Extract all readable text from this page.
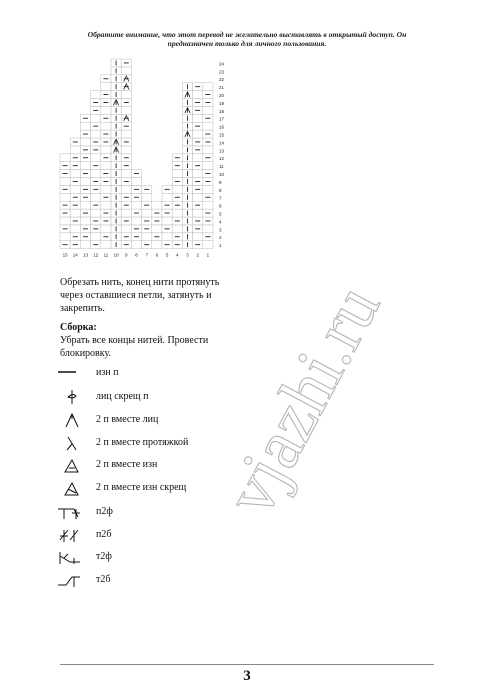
Обратите внимание, что этот перевод не желательно выставлять в открытый доступ. Он
предназначен только для личного пользования.
24
23
22
21
20
19
18
17
16
15
14
13
12
11
10
9
8
7
6
5
4
3
2
1
15 14 13 12 11 10 9 8 7 6 5 4 3 2 1
Обрезать нить, конец нити протянуть через оставшиеся петли, затянуть и закрепить.
Сборка:
Убрать все концы нитей. Провести блокировку.
изн п
лиц скрещ п
2 п вместе лиц
2 п вместе протяжкой
2 п вместе изн
2 п вместе изн скрещ
п2ф
п2б
т2ф
т2б
vjazhi.ru
3
